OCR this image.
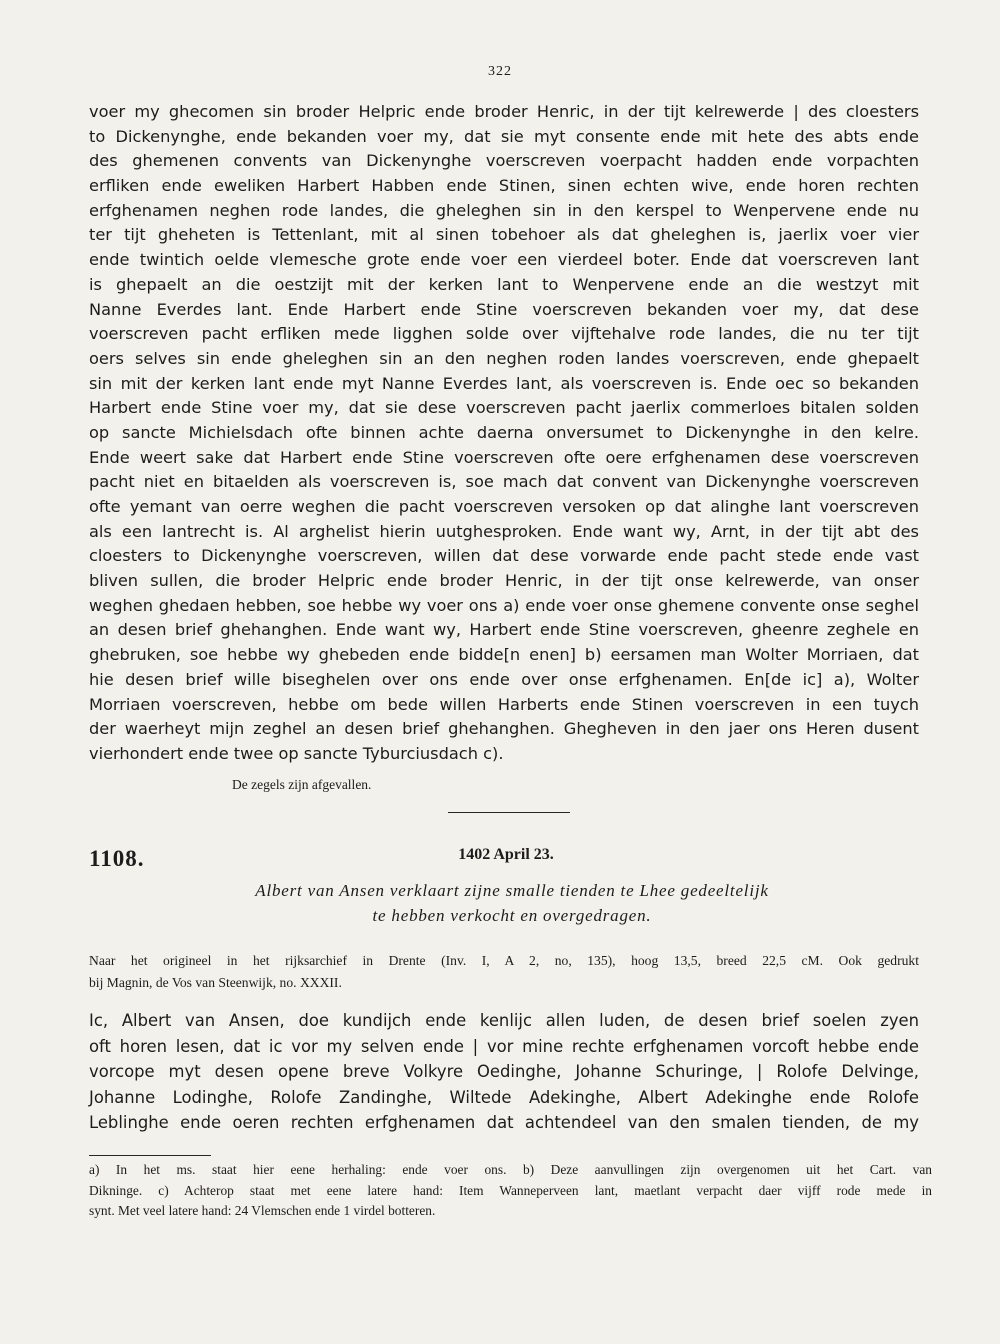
322
voer my ghecomen sin broder Helpric ende broder Henric, in der tijt kelrewerde | des cloesters
to Dickenynghe, ende bekanden voer my, dat sie myt consente ende mit hete des abts ende
des ghemenen convents van Dickenynghe voerscreven voerpacht hadden ende vorpachten
erfliken ende eweliken Harbert Habben ende Stinen, sinen echten wive, ende horen rechten
erfghenamen neghen rode landes, die gheleghen sin in den kerspel to Wenpervene ende nu
ter tijt gheheten is Tettenlant, mit al sinen tobehoer als dat gheleghen is, jaerlix voer vier
ende twintich oelde vlemesche grote ende voer een vierdeel boter. Ende dat voerscreven lant
is ghepaelt an die oestzijt mit der kerken lant to Wenpervene ende an die westzyt mit
Nanne Everdes lant. Ende Harbert ende Stine voerscreven bekanden voer my, dat dese
voerscreven pacht erfliken mede ligghen solde over vijftehalve rode landes, die nu ter tijt
oers selves sin ende gheleghen sin an den neghen roden landes voerscreven, ende ghepaelt
sin mit der kerken lant ende myt Nanne Everdes lant, als voerscreven is. Ende oec so bekanden
Harbert ende Stine voer my, dat sie dese voerscreven pacht jaerlix commerloes bitalen solden
op sancte Michielsdach ofte binnen achte daerna onversumet to Dickenynghe in den kelre.
Ende weert sake dat Harbert ende Stine voerscreven ofte oere erfghenamen dese voerscreven
pacht niet en bitaelden als voerscreven is, soe mach dat convent van Dickenynghe voerscreven
ofte yemant van oerre weghen die pacht voerscreven versoken op dat alinghe lant voerscreven
als een lantrecht is. Al arghelist hierin uutghesproken. Ende want wy, Arnt, in der tijt abt des
cloesters to Dickenynghe voerscreven, willen dat dese vorwarde ende pacht stede ende vast
bliven sullen, die broder Helpric ende broder Henric, in der tijt onse kelrewerde, van onser
weghen ghedaen hebben, soe hebbe wy voer ons a) ende voer onse ghemene convente onse seghel
an desen brief ghehanghen. Ende want wy, Harbert ende Stine voerscreven, gheenre zeghele en
ghebruken, soe hebbe wy ghebeden ende bidde[n enen] b) eersamen man Wolter Morriaen, dat
hie desen brief wille biseghelen over ons ende over onse erfghenamen. En[de ic] a), Wolter
Morriaen voerscreven, hebbe om bede willen Harberts ende Stinen voerscreven in een tuych
der waerheyt mijn zeghel an desen brief ghehanghen. Ghegheven in den jaer ons Heren dusent
vierhondert ende twee op sancte Tyburciusdach c).
De zegels zijn afgevallen.
1108.	1402 April 23.
Albert van Ansen verklaart zijne smalle tienden te Lhee gedeeltelijk
te hebben verkocht en overgedragen.
Naar het origineel in het rijksarchief in Drente (Inv. I, A 2, no, 135), hoog 13,5, breed 22,5 cM. Ook gedrukt
bij Magnin, de Vos van Steenwijk, no. XXXII.
Ic, Albert van Ansen, doe kundijch ende kenlijc allen luden, de desen brief soelen zyen
oft horen lesen, dat ic vor my selven ende | vor mine rechte erfghenamen vorcoft hebbe ende
vorcope myt desen opene breve Volkyre Oedinghe, Johanne Schuringe, | Rolofe Delvinge,
Johanne Lodinghe, Rolofe Zandinghe, Wiltede Adekinghe, Albert Adekinghe ende Rolofe
Leblinghe ende oeren rechten erfghenamen dat achtendeel van den smalen tienden, de my
a) In het ms. staat hier eene herhaling: ende voer ons. b) Deze aanvullingen zijn overgenomen uit het Cart. van
Dikninge. c) Achterop staat met eene latere hand: Item Wanneperveen lant, maetlant verpacht daer vijff rode mede in
synt. Met veel latere hand: 24 Vlemschen ende 1 virdel botteren.
